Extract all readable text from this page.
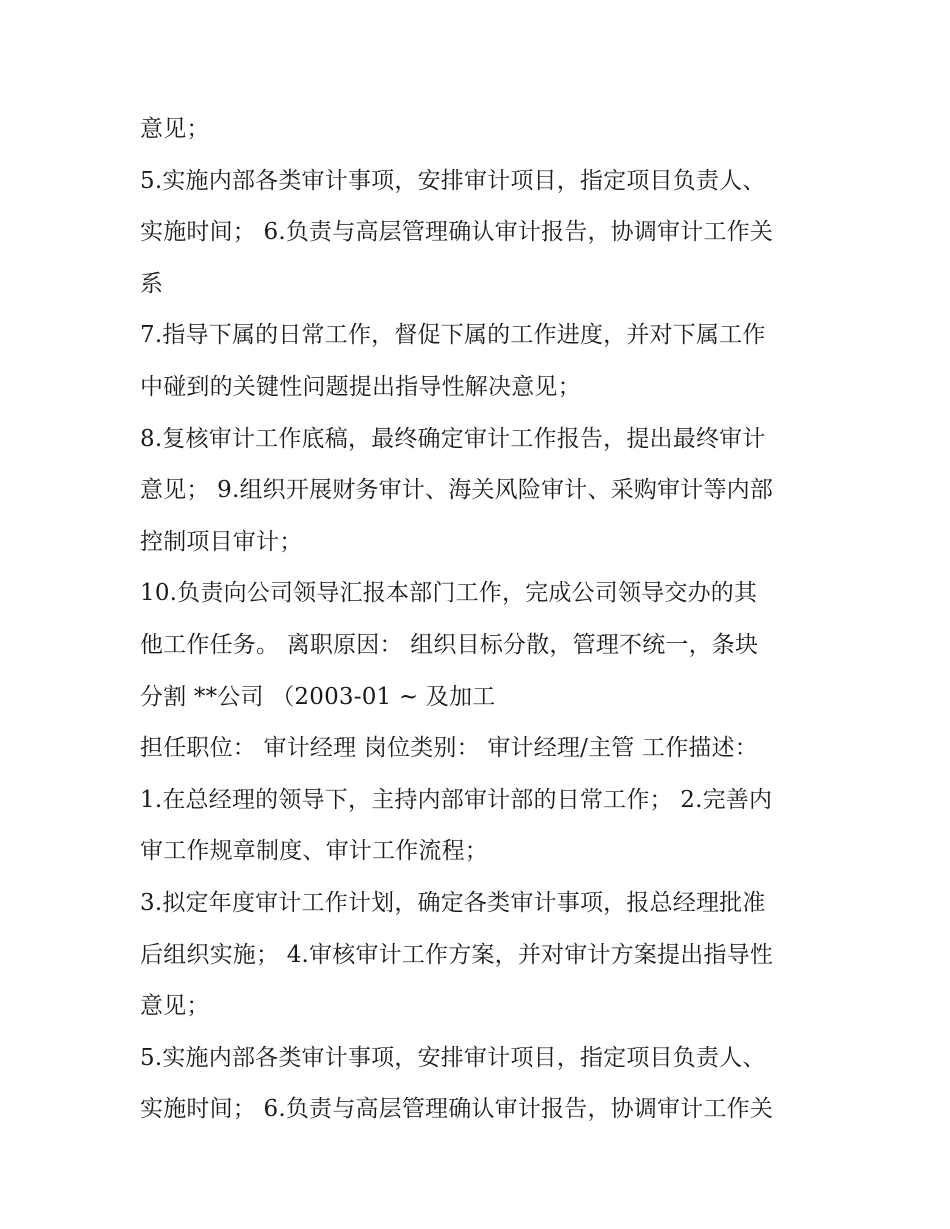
意见；
5.实施内部各类审计事项，安排审计项目，指定项目负责人、
实施时间； 6.负责与高层管理确认审计报告，协调审计工作关
系
7.指导下属的日常工作，督促下属的工作进度，并对下属工作
中碰到的关键性问题提出指导性解决意见；
8.复核审计工作底稿，最终确定审计工作报告，提出最终审计
意见； 9.组织开展财务审计、海关风险审计、采购审计等内部
控制项目审计；
10.负责向公司领导汇报本部门工作，完成公司领导交办的其
他工作任务。 离职原因： 组织目标分散，管理不统一，条块
分割 **公司 （2003-01 ~ 及加工
担任职位： 审计经理 岗位类别： 审计经理/主管 工作描述：
1.在总经理的领导下，主持内部审计部的日常工作； 2.完善内
审工作规章制度、审计工作流程；
3.拟定年度审计工作计划，确定各类审计事项，报总经理批准
后组织实施； 4.审核审计工作方案，并对审计方案提出指导性
意见；
5.实施内部各类审计事项，安排审计项目，指定项目负责人、
实施时间； 6.负责与高层管理确认审计报告，协调审计工作关
